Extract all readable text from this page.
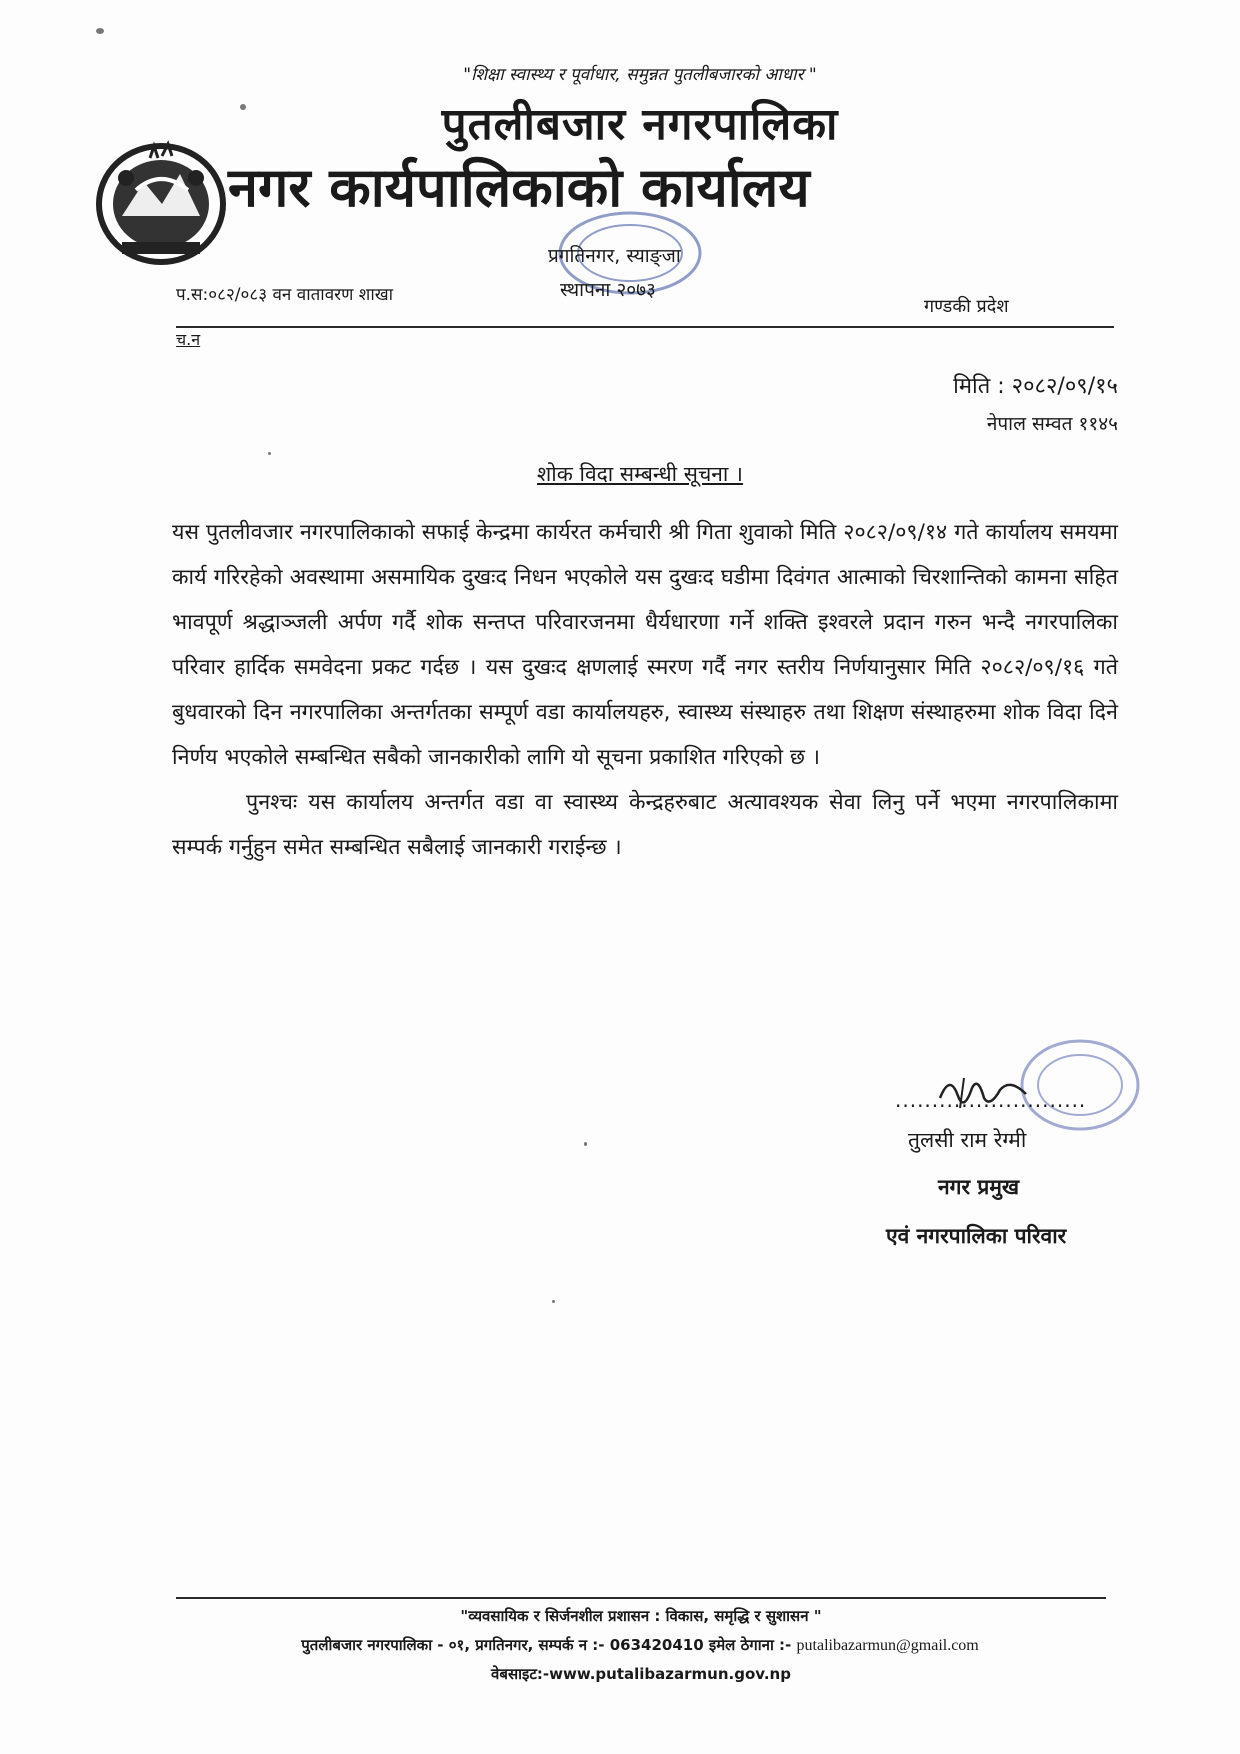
"शिक्षा स्वास्थ्य र पूर्वाधार, समुन्नत पुतलीबजारको आधार "
पुतलीबजार नगरपालिका
नगर कार्यपालिकाको कार्यालय
प्रगतिनगर, स्याङ्जा
स्थापना २०७३
प.स:०८२/०८३ वन वातावरण शाखा
गण्डकी प्रदेश
च.न
मिति : २०८२/०९/१५
नेपाल सम्वत ११४५
शोक विदा सम्बन्धी सूचना ।

यस पुतलीवजार नगरपालिकाको सफाई केन्द्रमा कार्यरत कर्मचारी श्री गिता शुवाको मिति २०८२/०९/१४ गते कार्यालय समयमा कार्य गरिरहेको अवस्थामा असमायिक दुखःद निधन भएकोले यस दुखःद घडीमा दिवंगत आत्माको चिरशान्तिको कामना सहित भावपूर्ण श्रद्धाञ्जली अर्पण गर्दै शोक सन्तप्त परिवारजनमा धैर्यधारणा गर्ने शक्ति इश्वरले प्रदान गरुन भन्दै नगरपालिका परिवार हार्दिक समवेदना प्रकट गर्दछ । यस दुखःद क्षणलाई स्मरण गर्दै नगर स्तरीय निर्णयानुसार मिति २०८२/०९/१६ गते बुधवारको दिन नगरपालिका अन्तर्गतका सम्पूर्ण वडा कार्यालयहरु, स्वास्थ्य संस्थाहरु तथा शिक्षण संस्थाहरुमा शोक विदा दिने निर्णय भएकोले सम्बन्धित सबैको जानकारीको लागि यो सूचना प्रकाशित गरिएको छ ।

पुनश्चः यस कार्यालय अन्तर्गत वडा वा स्वास्थ्य केन्द्रहरुबाट अत्यावश्यक सेवा लिनु पर्ने भएमा नगरपालिकामा सम्पर्क गर्नुहुन समेत सम्बन्धित सबैलाई जानकारी गराईन्छ ।

..........................
तुलसी राम रेग्मी
नगर प्रमुख
एवं नगरपालिका परिवार
"व्यवसायिक र सिर्जनशील प्रशासन : विकास, समृद्धि र सुशासन "
पुतलीबजार नगरपालिका - ०१, प्रगतिनगर, सम्पर्क न :- 063420410 इमेल ठेगाना :- putalibazarmun@gmail.com
वेबसाइट:-www.putalibazarmun.gov.np
